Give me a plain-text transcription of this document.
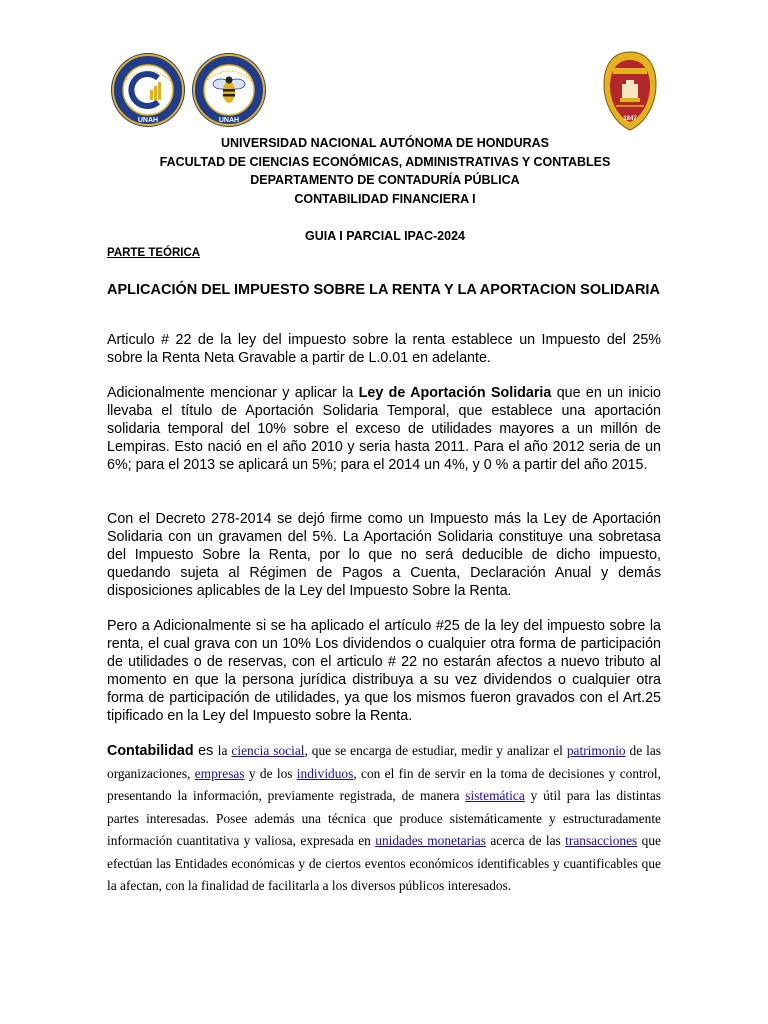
UNAH	UNAH	1847
UNIVERSIDAD NACIONAL AUTÓNOMA DE HONDURAS
FACULTAD DE CIENCIAS ECONÓMICAS, ADMINISTRATIVAS Y CONTABLES
DEPARTAMENTO DE CONTADURÍA PÚBLICA
CONTABILIDAD FINANCIERA I
GUIA I PARCIAL IPAC-2024
PARTE TEÓRICA
APLICACIÓN DEL IMPUESTO SOBRE LA RENTA Y LA APORTACION SOLIDARIA

Articulo # 22 de la ley del impuesto sobre la renta establece un Impuesto del 25% sobre la Renta Neta Gravable a partir de L.0.01 en adelante.

Adicionalmente mencionar y aplicar la Ley de Aportación Solidaria que en un inicio llevaba el título de Aportación Solidaria Temporal, que establece una aportación solidaria temporal del 10% sobre el exceso de utilidades mayores a un millón de Lempiras. Esto nació en el año 2010 y seria hasta 2011. Para el año 2012 seria de un 6%; para el 2013 se aplicará un 5%; para el 2014 un 4%, y 0 % a partir del año 2015.

Con el Decreto 278-2014 se dejó firme como un Impuesto más la Ley de Aportación Solidaria con un gravamen del 5%. La Aportación Solidaria constituye una sobretasa del Impuesto Sobre la Renta, por lo que no será deducible de dicho impuesto, quedando sujeta al Régimen de Pagos a Cuenta, Declaración Anual y demás disposiciones aplicables de la Ley del Impuesto Sobre la Renta.

Pero a Adicionalmente si se ha aplicado el artículo #25 de la ley del impuesto sobre la renta, el cual grava con un 10% Los dividendos o cualquier otra forma de participación de utilidades o de reservas, con el articulo # 22 no estarán afectos a nuevo tributo al momento en que la persona jurídica distribuya a su vez dividendos o cualquier otra forma de participación de utilidades, ya que los mismos fueron gravados con el Art.25 tipificado en la Ley del Impuesto sobre la Renta.

Contabilidad es la ciencia social, que se encarga de estudiar, medir y analizar el patrimonio de las organizaciones, empresas y de los individuos, con el fin de servir en la toma de decisiones y control, presentando la información, previamente registrada, de manera sistemática y útil para las distintas partes interesadas. Posee además una técnica que produce sistemáticamente y estructuradamente información cuantitativa y valiosa, expresada en unidades monetarias acerca de las transacciones que efectúan las Entidades económicas y de ciertos eventos económicos identificables y cuantificables que la afectan, con la finalidad de facilitarla a los diversos públicos interesados.
